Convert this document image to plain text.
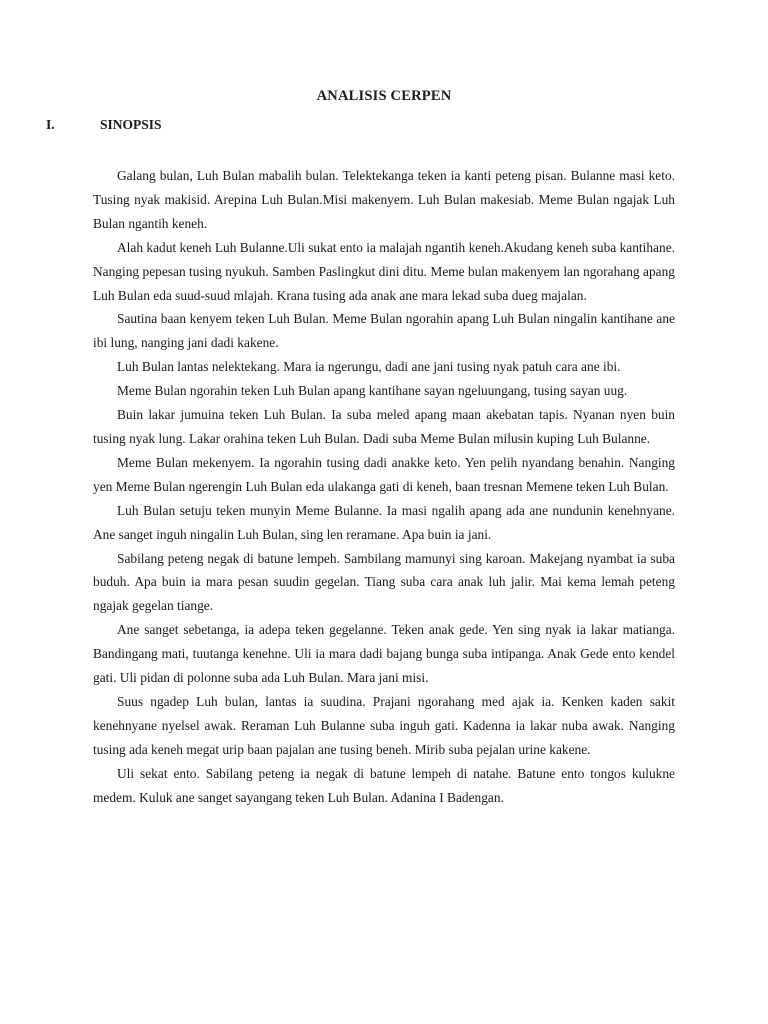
ANALISIS CERPEN
I.	SINOPSIS

Galang bulan, Luh Bulan mabalih bulan. Telektekanga teken ia kanti peteng pisan. Bulanne masi keto. Tusing nyak makisid. Arepina Luh Bulan.Misi makenyem. Luh Bulan makesiab. Meme Bulan ngajak Luh Bulan ngantih keneh.

Alah kadut keneh Luh Bulanne.Uli sukat ento ia malajah ngantih keneh.Akudang keneh suba kantihane. Nanging pepesan tusing nyukuh. Samben Paslingkut dini ditu. Meme bulan makenyem lan ngorahang apang Luh Bulan eda suud-suud mlajah. Krana tusing ada anak ane mara lekad suba dueg majalan.

Sautina baan kenyem teken Luh Bulan. Meme Bulan ngorahin apang Luh Bulan ningalin kantihane ane ibi lung, nanging jani dadi kakene.

Luh Bulan lantas nelektekang. Mara ia ngerungu, dadi ane jani tusing nyak patuh cara ane ibi.

Meme Bulan ngorahin teken Luh Bulan apang kantihane sayan ngeluungang, tusing sayan uug.

Buin lakar jumuina teken Luh Bulan. Ia suba meled apang maan akebatan tapis. Nyanan nyen buin tusing nyak lung. Lakar orahina teken Luh Bulan. Dadi suba Meme Bulan milusin kuping Luh Bulanne.

Meme Bulan mekenyem. Ia ngorahin tusing dadi anakke keto. Yen pelih nyandang benahin. Nanging yen Meme Bulan ngerengin Luh Bulan eda ulakanga gati di keneh, baan tresnan Memene teken Luh Bulan.

Luh Bulan setuju teken munyin Meme Bulanne. Ia masi ngalih apang ada ane nundunin kenehnyane. Ane sanget inguh ningalin Luh Bulan, sing len reramane. Apa buin ia jani.

Sabilang peteng negak di batune lempeh. Sambilang mamunyi sing karoan. Makejang nyambat ia suba buduh. Apa buin ia mara pesan suudin gegelan. Tiang suba cara anak luh jalir. Mai kema lemah peteng ngajak gegelan tiange.

Ane sanget sebetanga, ia adepa teken gegelanne. Teken anak gede. Yen sing nyak ia lakar matianga. Bandingang mati, tuutanga kenehne. Uli ia mara dadi bajang bunga suba intipanga. Anak Gede ento kendel gati. Uli pidan di polonne suba ada Luh Bulan. Mara jani misi.

Suus ngadep Luh bulan, lantas ia suudina. Prajani ngorahang med ajak ia. Kenken kaden sakit kenehnyane nyelsel awak. Reraman Luh Bulanne suba inguh gati. Kadenna ia lakar nuba awak. Nanging tusing ada keneh megat urip baan pajalan ane tusing beneh. Mirib suba pejalan urine kakene.

Uli sekat ento. Sabilang peteng ia negak di batune lempeh di natahe. Batune ento tongos kulukne medem. Kuluk ane sanget sayangang teken Luh Bulan. Adanina I Badengan.
